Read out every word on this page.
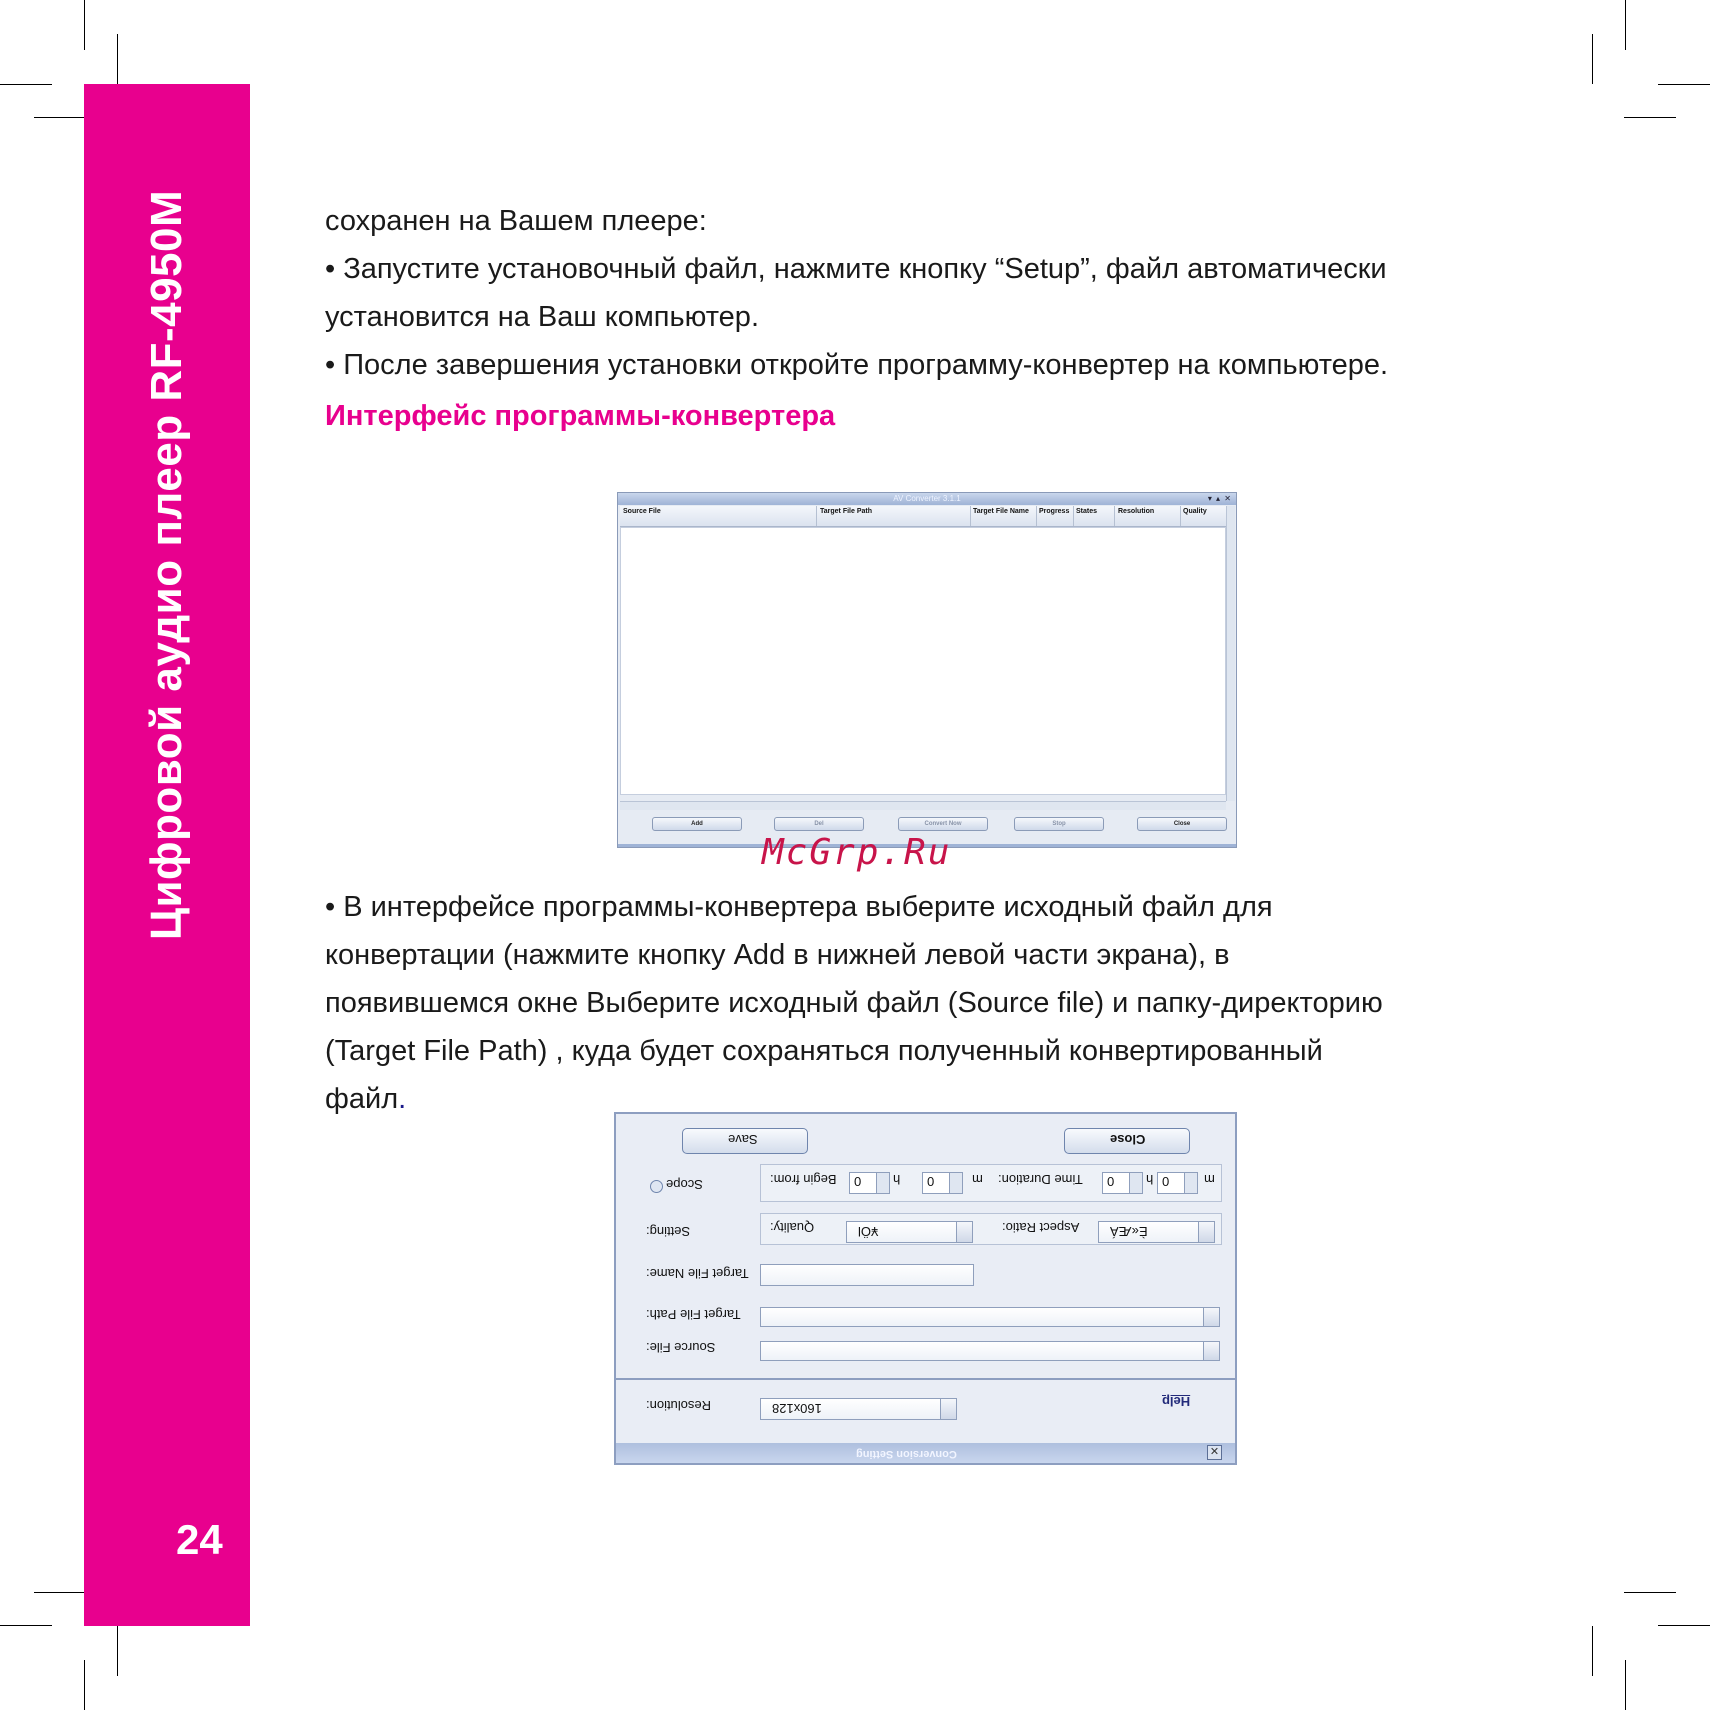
Цифровой аудио плеер RF-4950M
24

сохранен на Вашем плеере:

• Запустите установочный файл, нажмите кнопку “Setup”, файл автоматически

установится на Ваш компьютер.

• После завершения установки откройте программу-конвертер на компьютере.

Интерфейс программы-конвертера
AV Converter 3.1.1	▾ ▴ ✕
Source File	Target File Path	Target File Name Progress States	Resolution	Quality
Add	Del	Convert Now	Stop	Close
McGrp.Ru

• В интерфейсе программы-конвертера выберите исходный файл для

конвертации (нажмите кнопку Add в нижней левой части экрана), в

появившемся окне Выберите исходный файл (Source file) и папку-директорию

(Target File Path) , куда будет сохраняться полученный конвертированный

файл.

Save	Close
Scope	Begin from: 0 h 0	m Time Duration: 0 h 0	m
Setting:	Quality:	¥Öl	Aspect Ratio: È«ÆÁ
Target File Name:
Target File Path:
Source File:
Resolution:	160x128	Help
Conversion Setting	✕
